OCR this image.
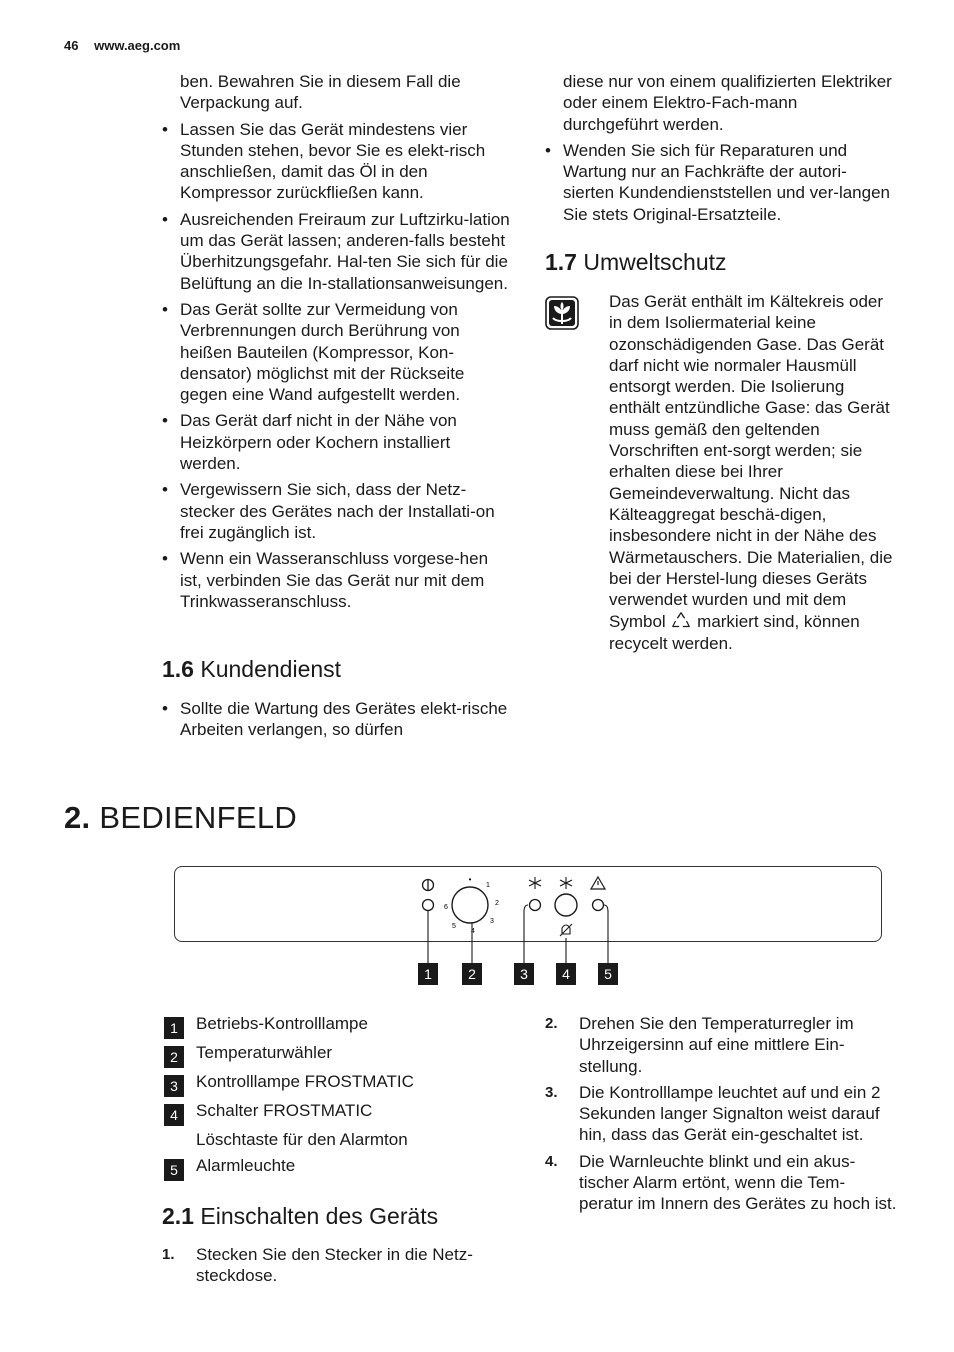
46 www.aeg.com

ben. Bewahren Sie in diesem Fall die Verpackung auf.

• Lassen Sie das Gerät mindestens vier Stunden stehen, bevor Sie es elekt-risch anschließen, damit das Öl in den Kompressor zurückfließen kann.
• Ausreichenden Freiraum zur Luftzirku-lation um das Gerät lassen; anderen-falls besteht Überhitzungsgefahr. Hal-ten Sie sich für die Belüftung an die In-stallationsanweisungen.
• Das Gerät sollte zur Vermeidung von Verbrennungen durch Berührung von heißen Bauteilen (Kompressor, Kon-densator) möglichst mit der Rückseite gegen eine Wand aufgestellt werden.
• Das Gerät darf nicht in der Nähe von Heizkörpern oder Kochern installiert werden.
• Vergewissern Sie sich, dass der Netz-stecker des Gerätes nach der Installati-on frei zugänglich ist.
• Wenn ein Wasseranschluss vorgese-hen ist, verbinden Sie das Gerät nur mit dem Trinkwasseranschluss.
1.6 Kundendienst
• Sollte die Wartung des Gerätes elekt-rische Arbeiten verlangen, so dürfen

diese nur von einem qualifizierten Elektriker oder einem Elektro-Fach-mann durchgeführt werden.

• Wenden Sie sich für Reparaturen und Wartung nur an Fachkräfte der autori-sierten Kundendienststellen und ver-langen Sie stets Original-Ersatzteile.
1.7 Umweltschutz
Das Gerät enthält im Kältekreis oder in dem Isoliermaterial keine ozonschädigenden Gase. Das Gerät darf nicht wie normaler Hausmüll entsorgt werden. Die Isolierung enthält entzündliche Gase: das Gerät muss gemäß den geltenden Vorschriften ent-sorgt werden; sie erhalten diese bei Ihrer Gemeindeverwaltung. Nicht das Kälteaggregat beschä-digen, insbesondere nicht in der Nähe des Wärmetauschers. Die Materialien, die bei der Herstel-lung dieses Geräts verwendet wurden und mit dem Symbol markiert sind, können recycelt werden.
2. BEDIENFELD
•
1
2
3
4
5
6
1	2	3	4	5
1	Betriebs-Kontrolllampe
2	Temperaturwähler
3	Kontrolllampe FROSTMATIC
4	Schalter FROSTMATIC
Löschtaste für den Alarmton
5	Alarmleuchte
2.1 Einschalten des Geräts
1. Stecken Sie den Stecker in die Netz-steckdose.
2. Drehen Sie den Temperaturregler im Uhrzeigersinn auf eine mittlere Ein-stellung.
3. Die Kontrolllampe leuchtet auf und ein 2 Sekunden langer Signalton weist darauf hin, dass das Gerät ein-geschaltet ist.
4. Die Warnleuchte blinkt und ein akus-tischer Alarm ertönt, wenn die Tem-peratur im Innern des Gerätes zu hoch ist.
